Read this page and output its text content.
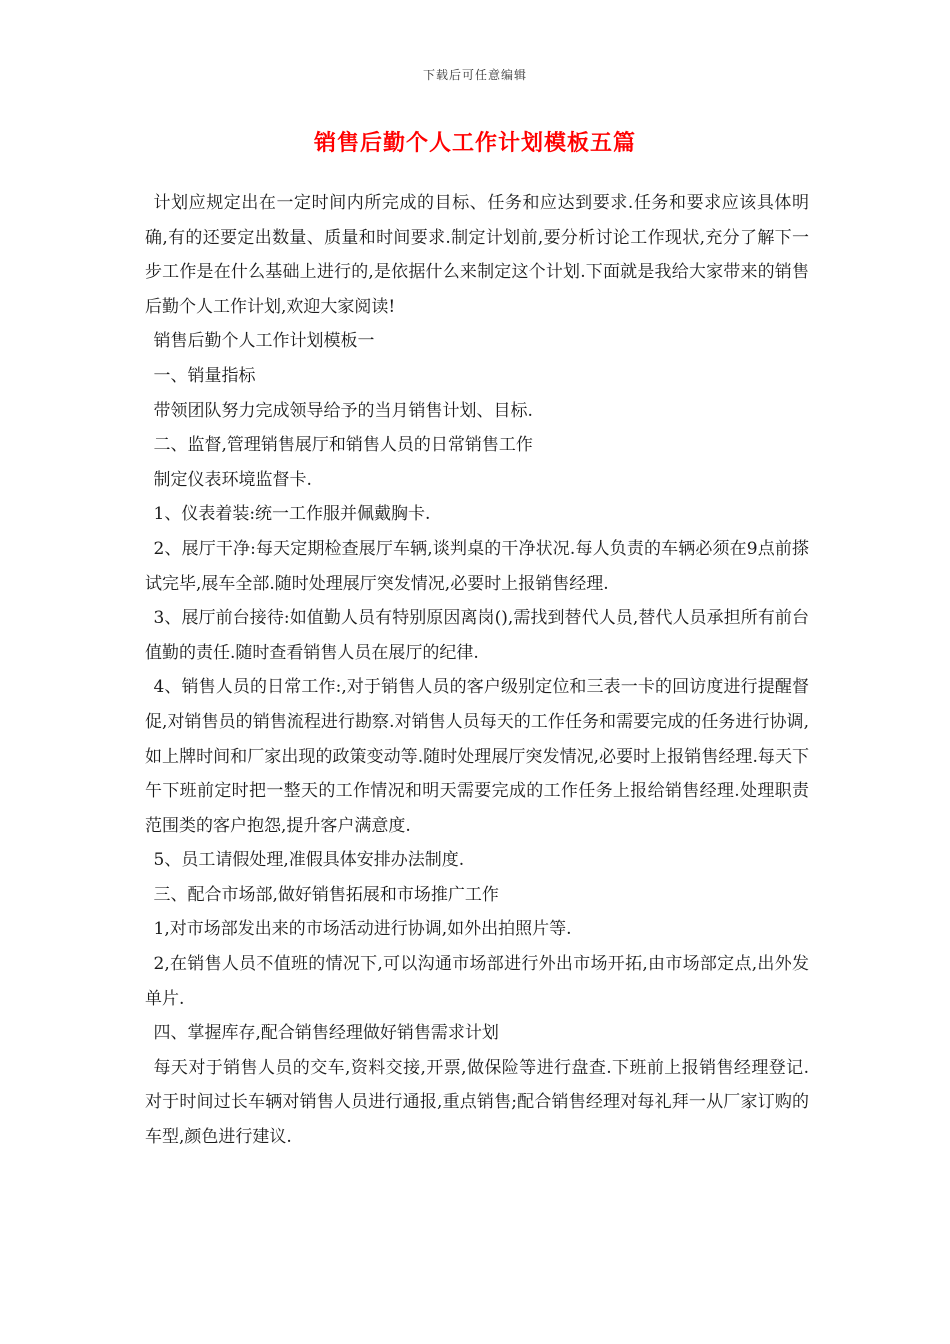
下载后可任意编辑
销售后勤个人工作计划模板五篇

计划应规定出在一定时间内所完成的目标、任务和应达到要求.任务和要求应该具体明确,有的还要定出数量、质量和时间要求.制定计划前,要分析讨论工作现状,充分了解下一步工作是在什么基础上进行的,是依据什么来制定这个计划.下面就是我给大家带来的销售后勤个人工作计划,欢迎大家阅读!

销售后勤个人工作计划模板一

一、销量指标

带领团队努力完成领导给予的当月销售计划、目标.

二、监督,管理销售展厅和销售人员的日常销售工作

制定仪表环境监督卡.

1、仪表着装:统一工作服并佩戴胸卡.

2、展厅干净:每天定期检查展厅车辆,谈判桌的干净状况.每人负责的车辆必须在9点前搽试完毕,展车全部.随时处理展厅突发情况,必要时上报销售经理.

3、展厅前台接待:如值勤人员有特别原因离岗(),需找到替代人员,替代人员承担所有前台值勤的责任.随时查看销售人员在展厅的纪律.

4、销售人员的日常工作:,对于销售人员的客户级别定位和三表一卡的回访度进行提醒督促,对销售员的销售流程进行勘察.对销售人员每天的工作任务和需要完成的任务进行协调,如上牌时间和厂家出现的政策变动等.随时处理展厅突发情况,必要时上报销售经理.每天下午下班前定时把一整天的工作情况和明天需要完成的工作任务上报给销售经理.处理职责范围类的客户抱怨,提升客户满意度.

5、员工请假处理,准假具体安排办法制度.

三、配合市场部,做好销售拓展和市场推广工作

1,对市场部发出来的市场活动进行协调,如外出拍照片等.

2,在销售人员不值班的情况下,可以沟通市场部进行外出市场开拓,由市场部定点,出外发单片.

四、掌握库存,配合销售经理做好销售需求计划

每天对于销售人员的交车,资料交接,开票,做保险等进行盘查.下班前上报销售经理登记.对于时间过长车辆对销售人员进行通报,重点销售;配合销售经理对每礼拜一从厂家订购的车型,颜色进行建议.
